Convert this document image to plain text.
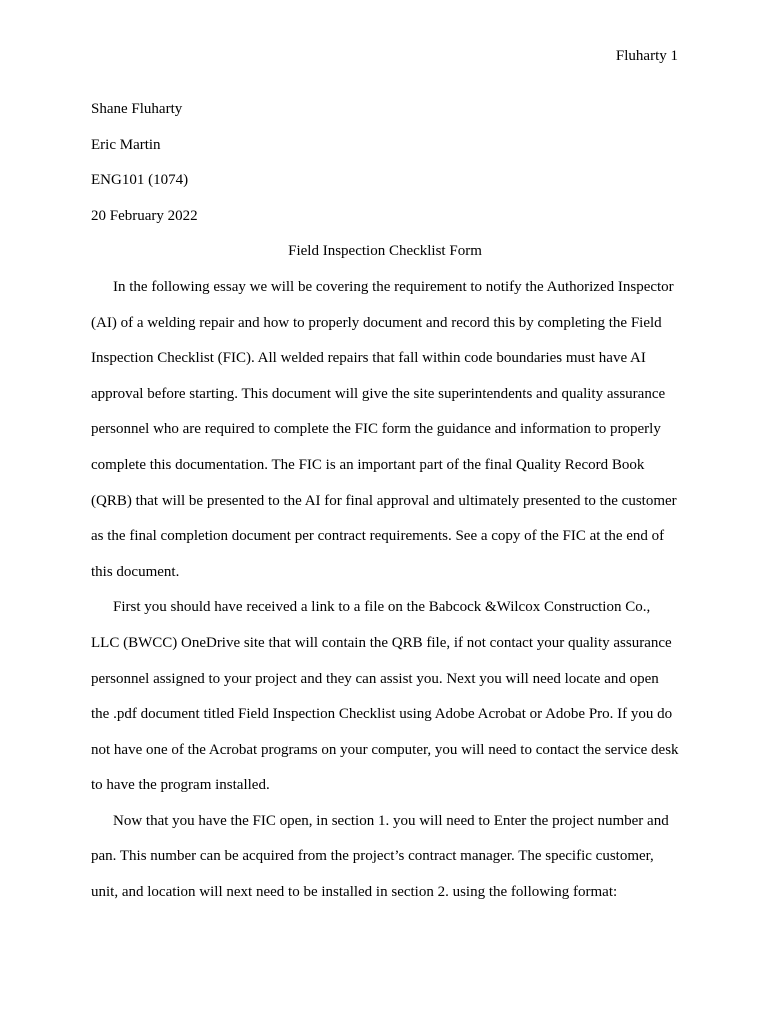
Fluharty 1

Shane Fluharty

Eric Martin

ENG101 (1074)

20 February 2022

Field Inspection Checklist Form

In the following essay we will be covering the requirement to notify the Authorized Inspector (AI) of a welding repair and how to properly document and record this by completing the Field Inspection Checklist (FIC). All welded repairs that fall within code boundaries must have AI approval before starting. This document will give the site superintendents and quality assurance personnel who are required to complete the FIC form the guidance and information to properly complete this documentation. The FIC is an important part of the final Quality Record Book (QRB) that will be presented to the AI for final approval and ultimately presented to the customer as the final completion document per contract requirements. See a copy of the FIC at the end of this document.

First you should have received a link to a file on the Babcock &Wilcox Construction Co., LLC (BWCC) OneDrive site that will contain the QRB file, if not contact your quality assurance personnel assigned to your project and they can assist you. Next you will need locate and open the .pdf document titled Field Inspection Checklist using Adobe Acrobat or Adobe Pro. If you do not have one of the Acrobat programs on your computer, you will need to contact the service desk to have the program installed.

Now that you have the FIC open, in section 1. you will need to Enter the project number and pan. This number can be acquired from the project’s contract manager. The specific customer, unit, and location will next need to be installed in section 2. using the following format:
